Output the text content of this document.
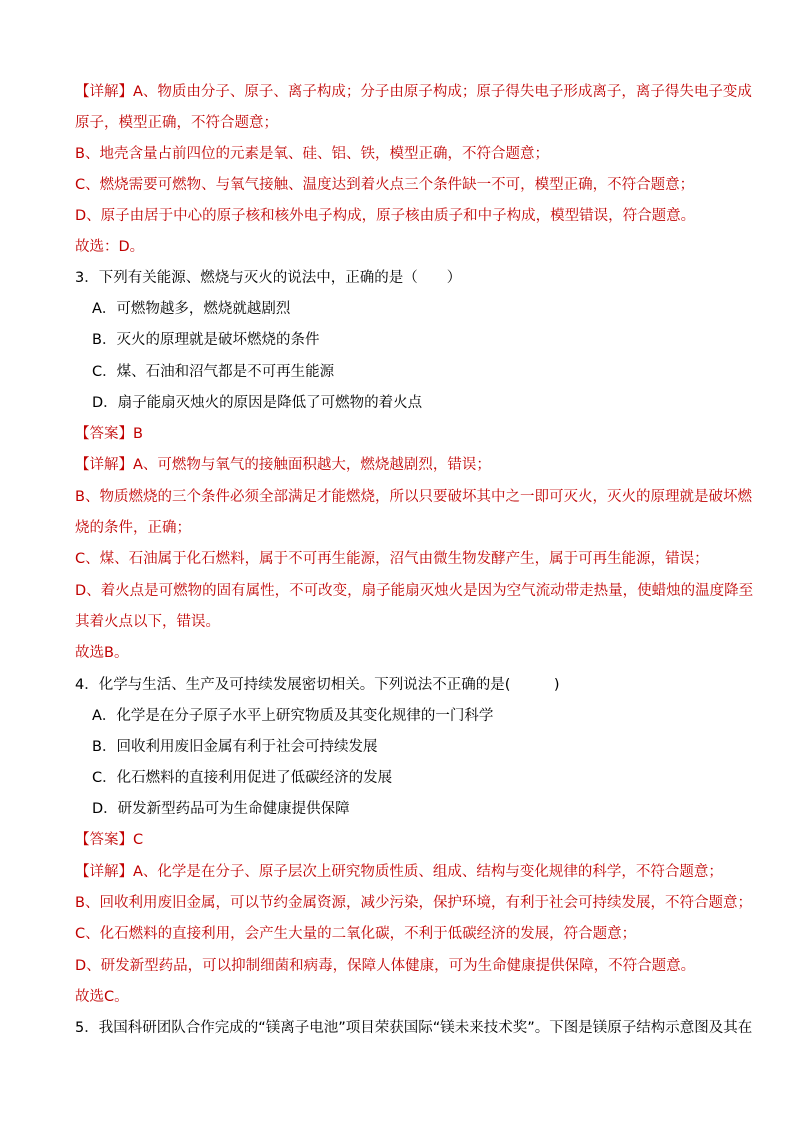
【详解】A、物质由分子、原子、离子构成；分子由原子构成；原子得失电子形成离子，离子得失电子变成
原子，模型正确，不符合题意；
B、地壳含量占前四位的元素是氧、硅、铝、铁，模型正确，不符合题意；
C、燃烧需要可燃物、与氧气接触、温度达到着火点三个条件缺一不可，模型正确，不符合题意；
D、原子由居于中心的原子核和核外电子构成，原子核由质子和中子构成，模型错误，符合题意。
故选：D。
3．下列有关能源、燃烧与灭火的说法中，正确的是（　　）
A．可燃物越多，燃烧就越剧烈
B．灭火的原理就是破坏燃烧的条件
C．煤、石油和沼气都是不可再生能源
D．扇子能扇灭烛火的原因是降低了可燃物的着火点
【答案】B
【详解】A、可燃物与氧气的接触面积越大，燃烧越剧烈，错误；
B、物质燃烧的三个条件必须全部满足才能燃烧，所以只要破坏其中之一即可灭火，灭火的原理就是破坏燃
烧的条件，正确；
C、煤、石油属于化石燃料，属于不可再生能源，沼气由微生物发酵产生，属于可再生能源，错误；
D、着火点是可燃物的固有属性，不可改变，扇子能扇灭烛火是因为空气流动带走热量，使蜡烛的温度降至
其着火点以下，错误。
故选B。
4．化学与生活、生产及可持续发展密切相关。下列说法不正确的是(　　　)
A．化学是在分子原子水平上研究物质及其变化规律的一门科学
B．回收利用废旧金属有利于社会可持续发展
C．化石燃料的直接利用促进了低碳经济的发展
D．研发新型药品可为生命健康提供保障
【答案】C
【详解】A、化学是在分子、原子层次上研究物质性质、组成、结构与变化规律的科学，不符合题意；
B、回收利用废旧金属，可以节约金属资源，减少污染，保护环境，有利于社会可持续发展，不符合题意；
C、化石燃料的直接利用，会产生大量的二氧化碳，不利于低碳经济的发展，符合题意；
D、研发新型药品，可以抑制细菌和病毒，保障人体健康，可为生命健康提供保障，不符合题意。
故选C。
5．我国科研团队合作完成的“镁离子电池”项目荣获国际“镁未来技术奖”。下图是镁原子结构示意图及其在
